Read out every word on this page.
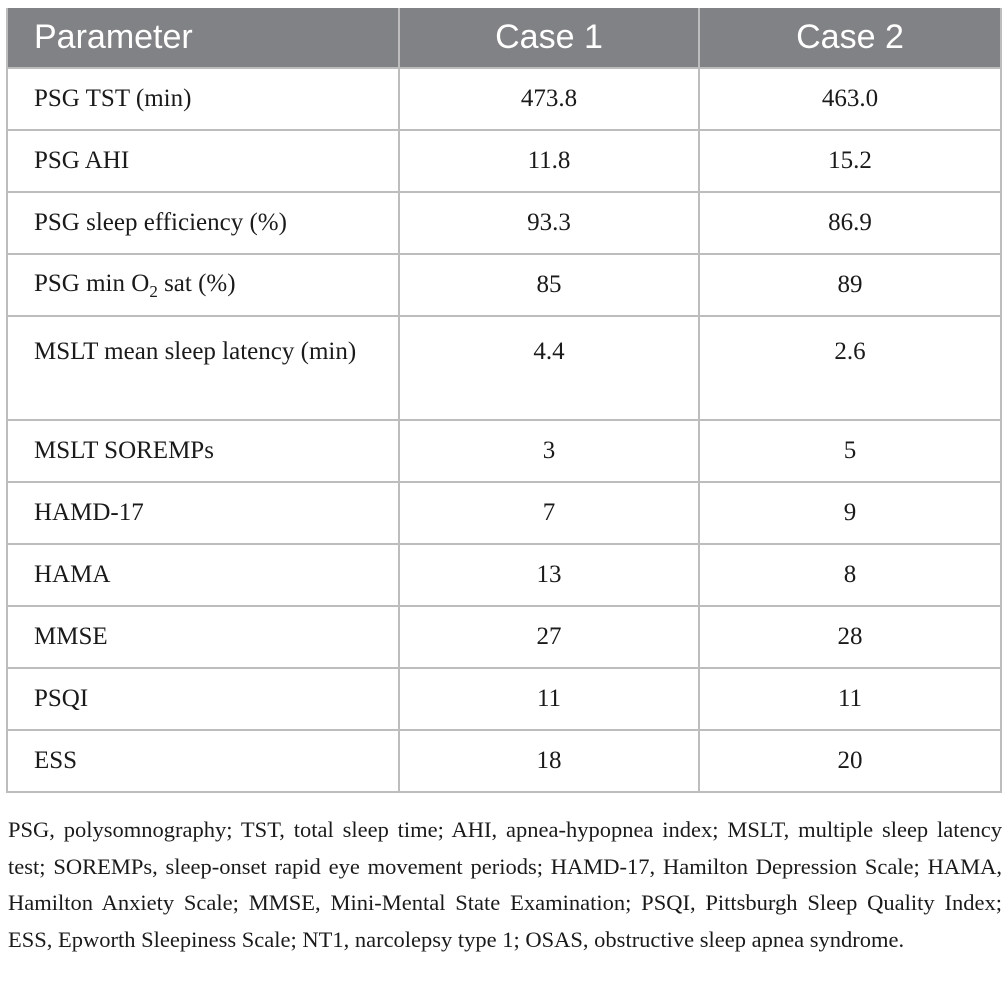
Parameter	Case 1	Case 2
PSG TST (min)	473.8	463.0
PSG AHI	11.8	15.2
PSG sleep efficiency (%)	93.3	86.9
PSG $\min O_2$ sat (%)	85	89
MSLT mean sleep latency (min)	4.4	2.6
MSLT SOREMPs	3	5
HAMD-17	7	9
HAMA	13	8
MMSE	27	28
PSQI	11	11
ESS	18	20

PSG, polysomnography; TST, total sleep time; AHI, apnea-hypopnea index; MSLT, multiple sleep latency test; SOREMPs, sleep-onset rapid eye movement periods; HAMD-17, Hamilton Depression Scale; HAMA, Hamilton Anxiety Scale; MMSE, Mini-Mental State Examination; PSQI, Pittsburgh Sleep Quality Index; ESS, Epworth Sleepiness Scale; NT1, narcolepsy type 1; OSAS, obstructive sleep apnea syndrome.
